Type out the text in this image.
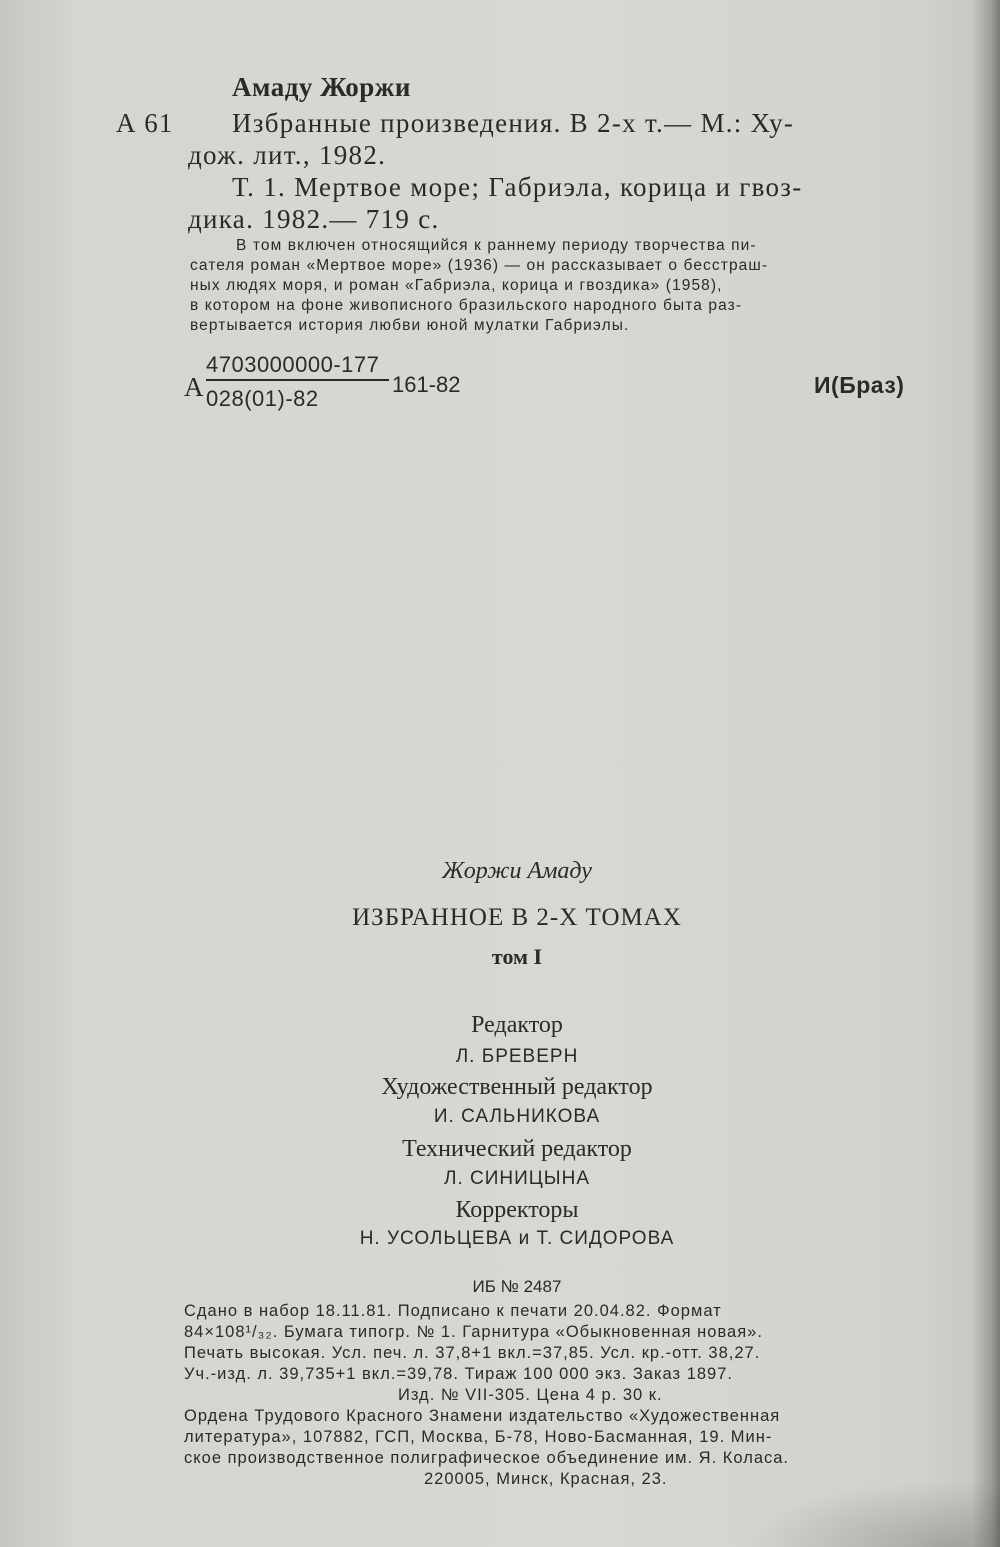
Амаду Жоржи
А 61 Избранные произведения. В 2-х т.— М.: Ху-
дож. лит., 1982.
Т. 1. Мертвое море; Габриэла, корица и гвоз-
дика. 1982.— 719 с.
В том включен относящийся к раннему периоду творчества пи-
сателя роман «Мертвое море» (1936) — он рассказывает о бесстраш-
ных людях моря, и роман «Габриэла, корица и гвоздика» (1958),
в котором на фоне живописного бразильского народного быта раз-
вертывается история любви юной мулатки Габриэлы.
А
4703000000-177
028(01)-82
161-82	И(Браз)
Жоржи Амаду
ИЗБРАННОЕ В 2-Х ТОМАХ
том I
Редактор
Л. БРЕВЕРН
Художественный редактор
И. САЛЬНИКОВА
Технический редактор
Л. СИНИЦЫНА
Корректоры
Н. УСОЛЬЦЕВА и Т. СИДОРОВА
ИБ № 2487
Сдано в набор 18.11.81. Подписано к печати 20.04.82. Формат
84×108¹/₃₂. Бумага типогр. № 1. Гарнитура «Обыкновенная новая».
Печать высокая. Усл. печ. л. 37,8+1 вкл.=37,85. Усл. кр.-отт. 38,27.
Уч.-изд. л. 39,735+1 вкл.=39,78. Тираж 100 000 экз. Заказ 1897.
Изд. № VII-305. Цена 4 р. 30 к.
Ордена Трудового Красного Знамени издательство «Художественная
литература», 107882, ГСП, Москва, Б-78, Ново-Басманная, 19. Мин-
ское производственное полиграфическое объединение им. Я. Коласа.
220005, Минск, Красная, 23.
